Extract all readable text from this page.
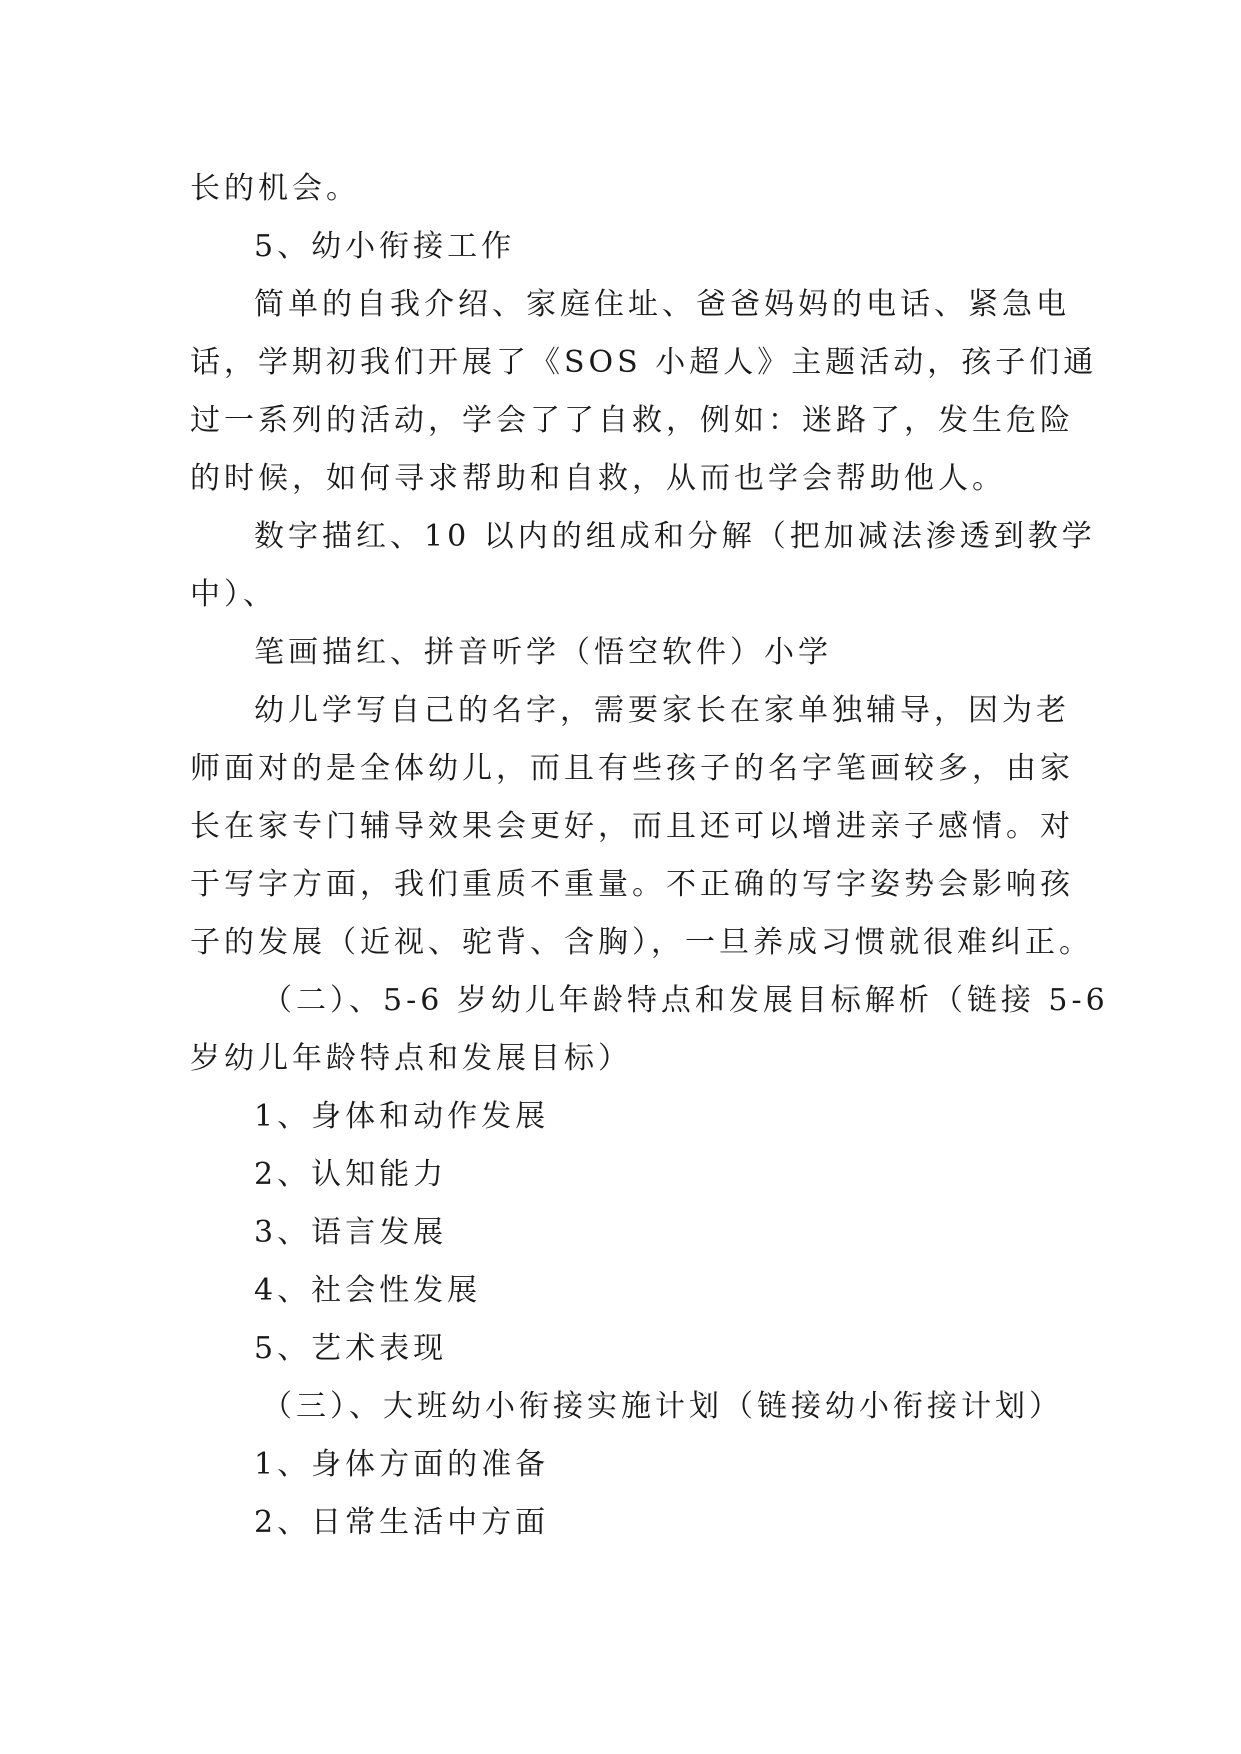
长的机会。
5、幼小衔接工作
简单的自我介绍、家庭住址、爸爸妈妈的电话、紧急电
话，学期初我们开展了《SOS 小超人》主题活动，孩子们通
过一系列的活动，学会了了自救，例如：迷路了，发生危险
的时候，如何寻求帮助和自救，从而也学会帮助他人。
数字描红、10 以内的组成和分解（把加减法渗透到教学
中）、
笔画描红、拼音听学（悟空软件）小学
幼儿学写自己的名字，需要家长在家单独辅导，因为老
师面对的是全体幼儿，而且有些孩子的名字笔画较多，由家
长在家专门辅导效果会更好，而且还可以增进亲子感情。对
于写字方面，我们重质不重量。不正确的写字姿势会影响孩
子的发展（近视、驼背、含胸），一旦养成习惯就很难纠正。
（二）、5-6 岁幼儿年龄特点和发展目标解析（链接 5-6
岁幼儿年龄特点和发展目标）
1、身体和动作发展
2、认知能力
3、语言发展
4、社会性发展
5、艺术表现
（三）、大班幼小衔接实施计划（链接幼小衔接计划）
1、身体方面的准备
2、日常生活中方面
